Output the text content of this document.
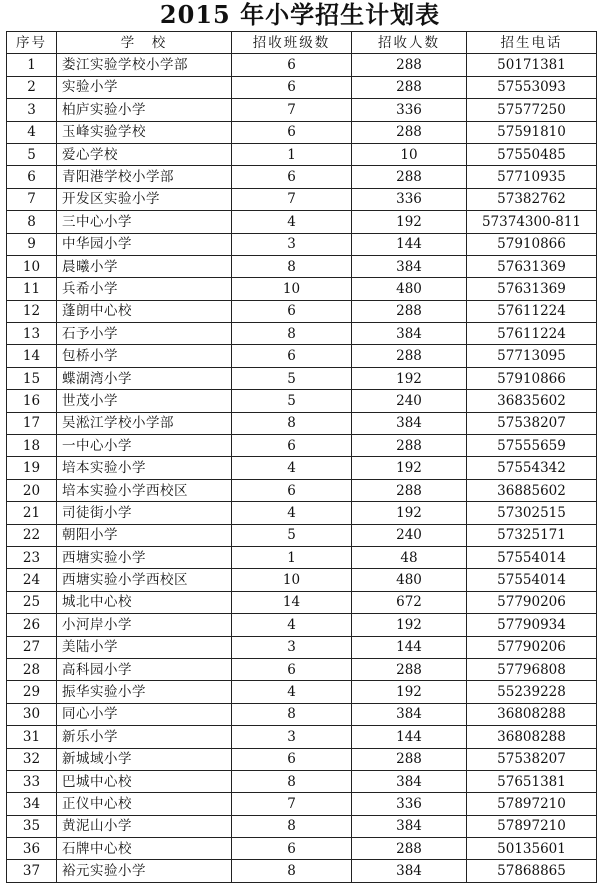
2015 年小学招生计划表
序号	学　校	招收班级数	招收人数	招生电话
1	娄江实验学校小学部	6	288	50171381
2	实验小学	6	288	57553093
3	柏庐实验小学	7	336	57577250
4	玉峰实验学校	6	288	57591810
5	爱心学校	1	10	57550485
6	青阳港学校小学部	6	288	57710935
7	开发区实验小学	7	336	57382762
8	三中心小学	4	192	57374300-811
9	中华园小学	3	144	57910866
10	晨曦小学	8	384	57631369
11	兵希小学	10	480	57631369
12	蓬朗中心校	6	288	57611224
13	石予小学	8	384	57611224
14	包桥小学	6	288	57713095
15	蝶湖湾小学	5	192	57910866
16	世茂小学	5	240	36835602
17	吴淞江学校小学部	8	384	57538207
18	一中心小学	6	288	57555659
19	培本实验小学	4	192	57554342
20	培本实验小学西校区	6	288	36885602
21	司徒街小学	4	192	57302515
22	朝阳小学	5	240	57325171
23	西塘实验小学	1	48	57554014
24	西塘实验小学西校区	10	480	57554014
25	城北中心校	14	672	57790206
26	小河岸小学	4	192	57790934
27	美陆小学	3	144	57790206
28	高科园小学	6	288	57796808
29	振华实验小学	4	192	55239228
30	同心小学	8	384	36808288
31	新乐小学	3	144	36808288
32	新城域小学	6	288	57538207
33	巴城中心校	8	384	57651381
34	正仪中心校	7	336	57897210
35	黄泥山小学	8	384	57897210
36	石牌中心校	6	288	50135601
37	裕元实验小学	8	384	57868865
